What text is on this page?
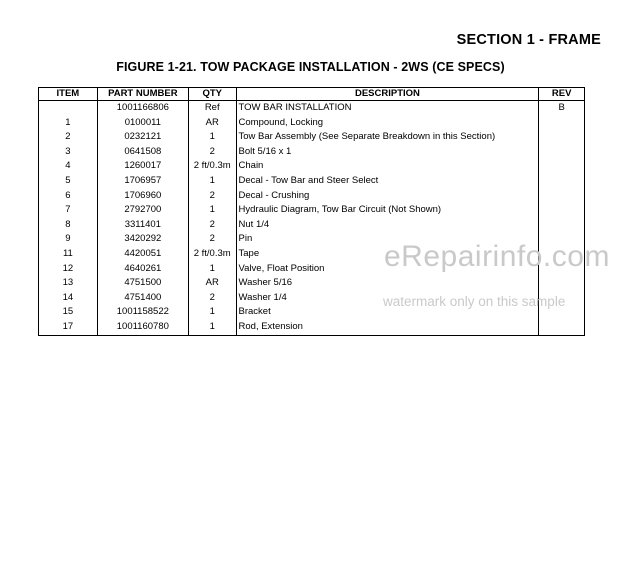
SECTION 1 - FRAME
FIGURE 1-21. TOW PACKAGE INSTALLATION - 2WS (CE SPECS)
ITEM	PART NUMBER	QTY	DESCRIPTION	REV
	1001166806	Ref	TOW BAR INSTALLATION	B
1	0100011	AR	Compound, Locking	
2	0232121	1	Tow Bar Assembly (See Separate Breakdown in this Section)	
3	0641508	2	Bolt 5/16 x 1	
4	1260017	2 ft/0.3m	Chain	
5	1706957	1	Decal - Tow Bar and Steer Select	
6	1706960	2	Decal - Crushing	
7	2792700	1	Hydraulic Diagram, Tow Bar Circuit (Not Shown)	
8	3311401	2	Nut 1/4	
9	3420292	2	Pin	
11	4420051	2 ft/0.3m	Tape	
12	4640261	1	Valve, Float Position	
13	4751500	AR	Washer 5/16	
14	4751400	2	Washer 1/4	
15	1001158522	1	Bracket	
17	1001160780	1	Rod, Extension	
eRepairinfo.com
watermark only on this sample
